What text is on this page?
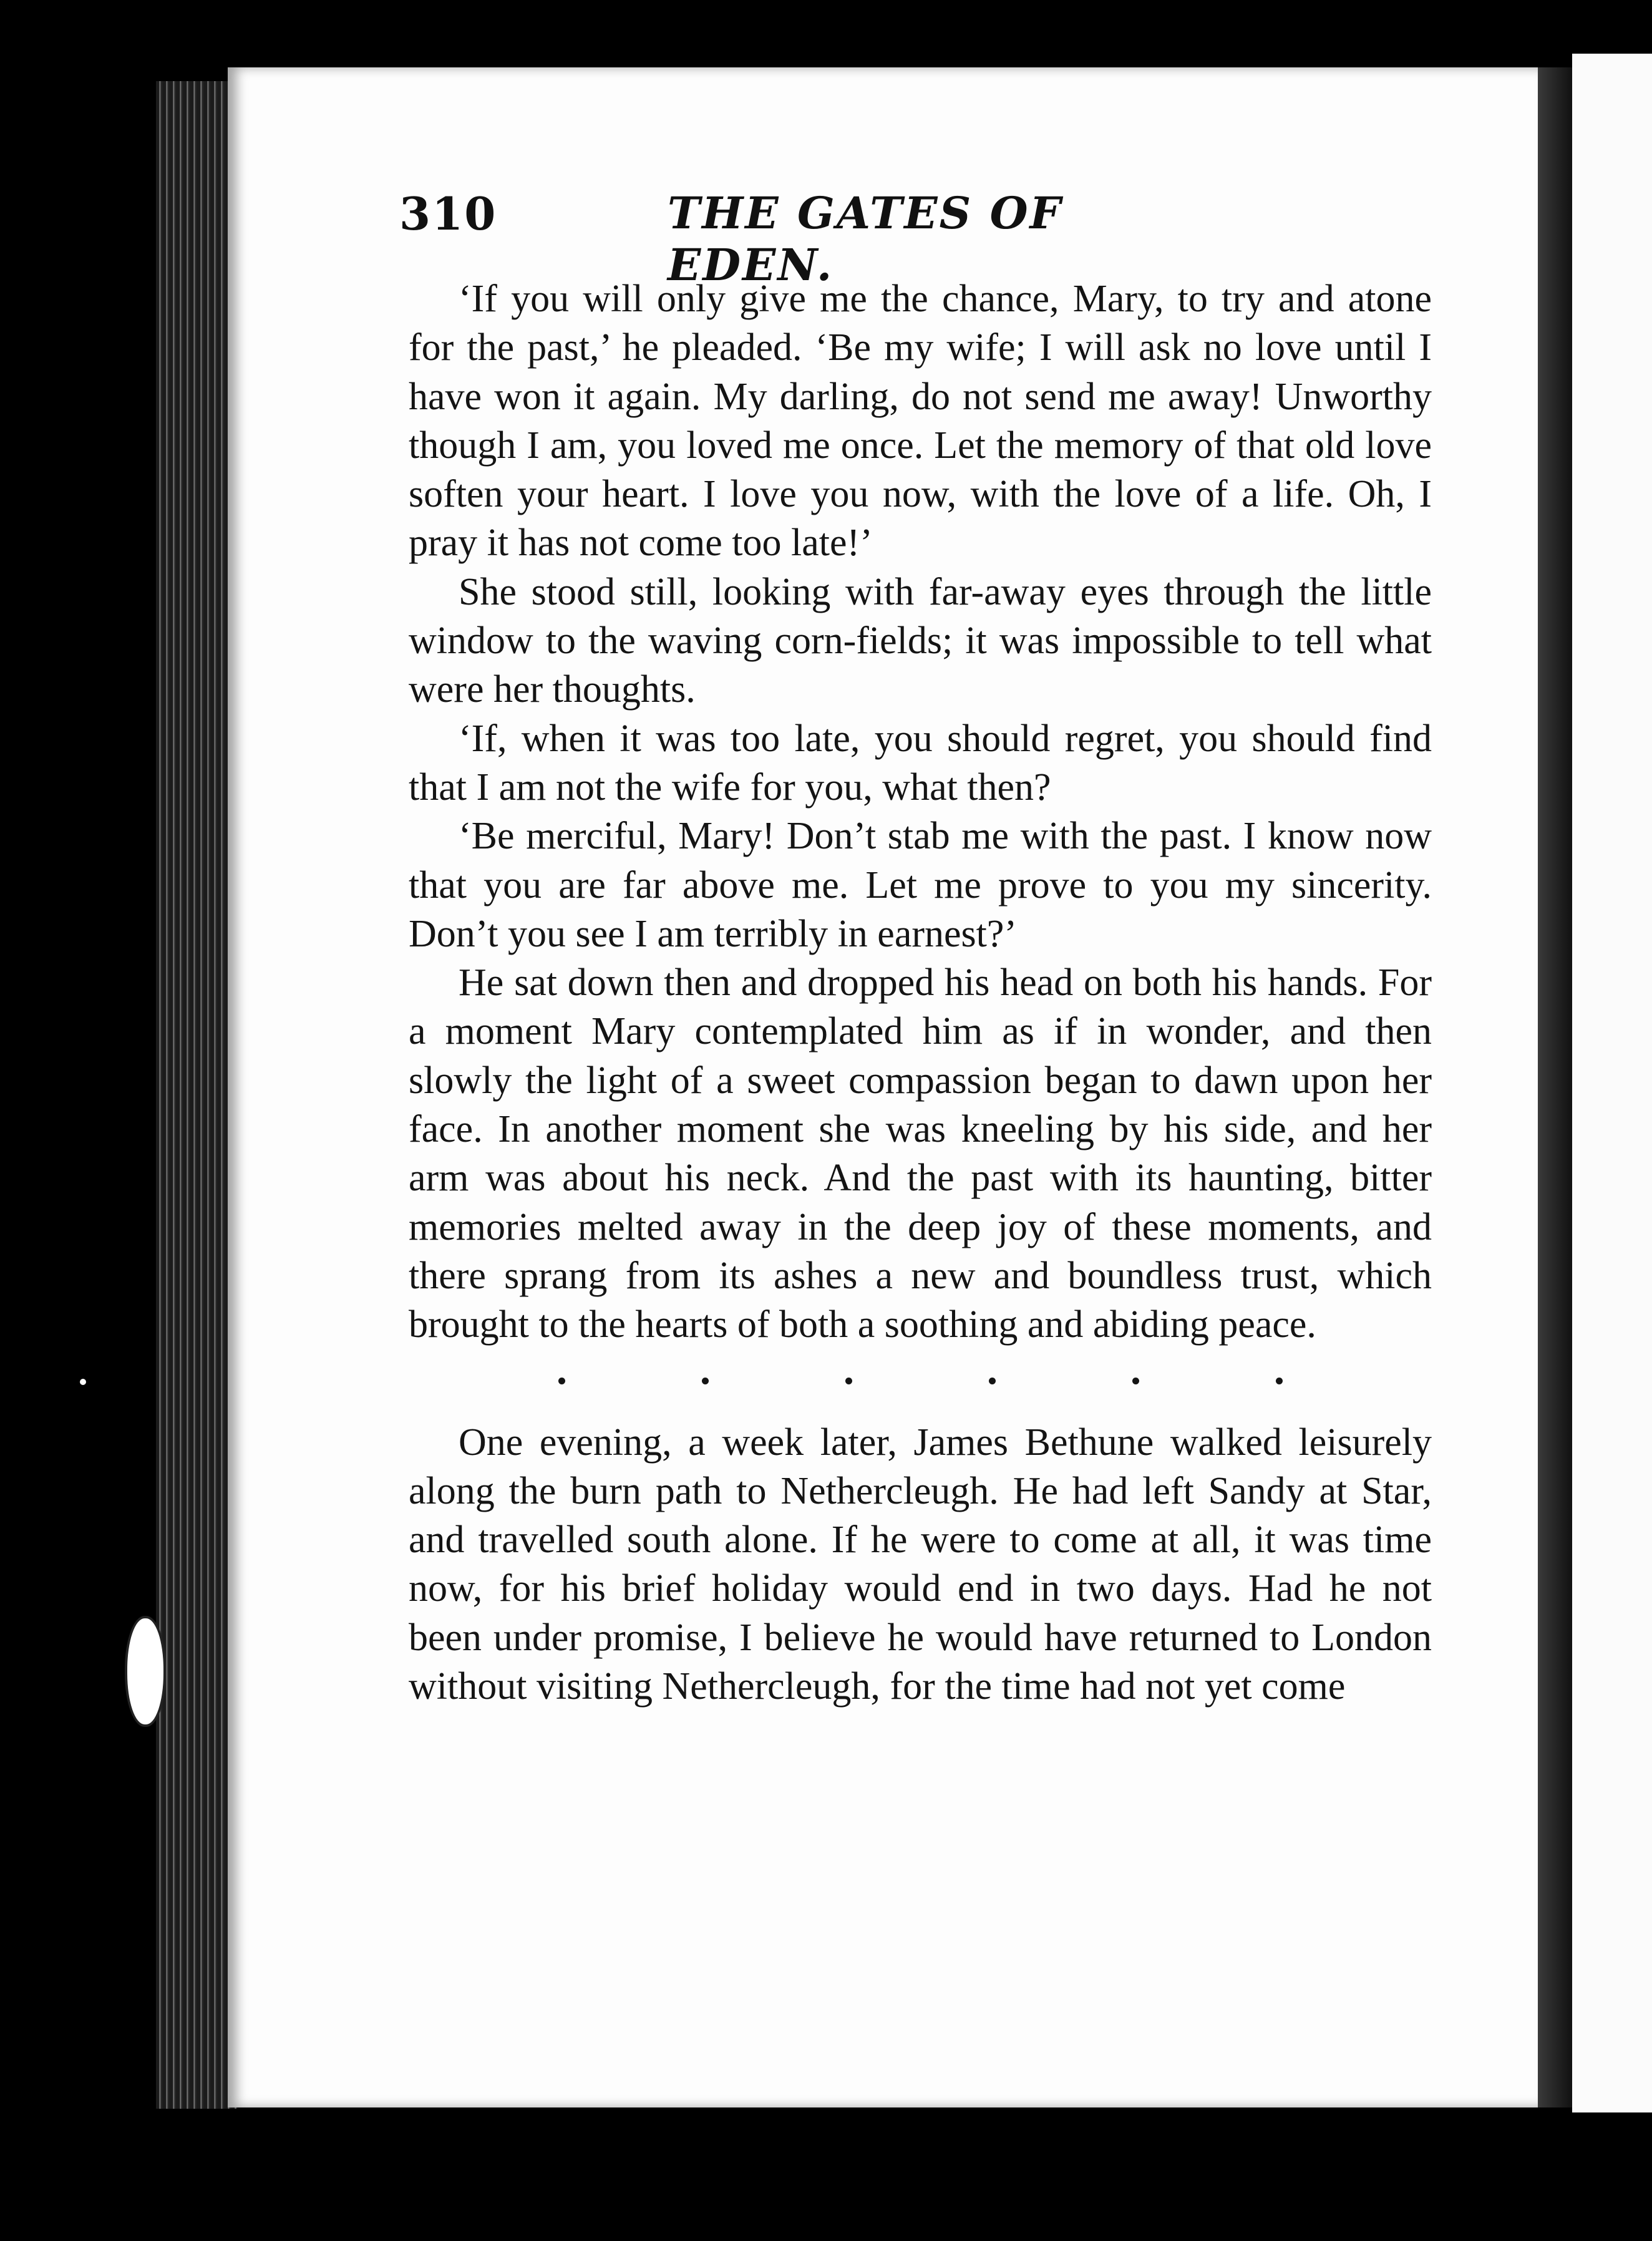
310	THE GATES OF EDEN.

‘If you will only give me the chance, Mary, to try and atone for the past,’ he pleaded. ‘Be my wife; I will ask no love until I have won it again. My darling, do not send me away! Unworthy though I am, you loved me once. Let the memory of that old love soften your heart. I love you now, with the love of a life. Oh, I pray it has not come too late!’

She stood still, looking with far-away eyes through the little window to the waving corn-fields; it was impossible to tell what were her thoughts.

‘If, when it was too late, you should regret, you should find that I am not the wife for you, what then?

‘Be merciful, Mary! Don’t stab me with the past. I know now that you are far above me. Let me prove to you my sincerity. Don’t you see I am terribly in earnest?’

He sat down then and dropped his head on both his hands. For a moment Mary contemplated him as if in wonder, and then slowly the light of a sweet compassion began to dawn upon her face. In another moment she was kneeling by his side, and her arm was about his neck. And the past with its haunting, bitter memories melted away in the deep joy of these moments, and there sprang from its ashes a new and boundless trust, which brought to the hearts of both a soothing and abiding peace.

One evening, a week later, James Bethune walked leisurely along the burn path to Nethercleugh. He had left Sandy at Star, and travelled south alone. If he were to come at all, it was time now, for his brief holiday would end in two days. Had he not been under promise, I believe he would have returned to London without visiting Nethercleugh, for the time had not yet come
